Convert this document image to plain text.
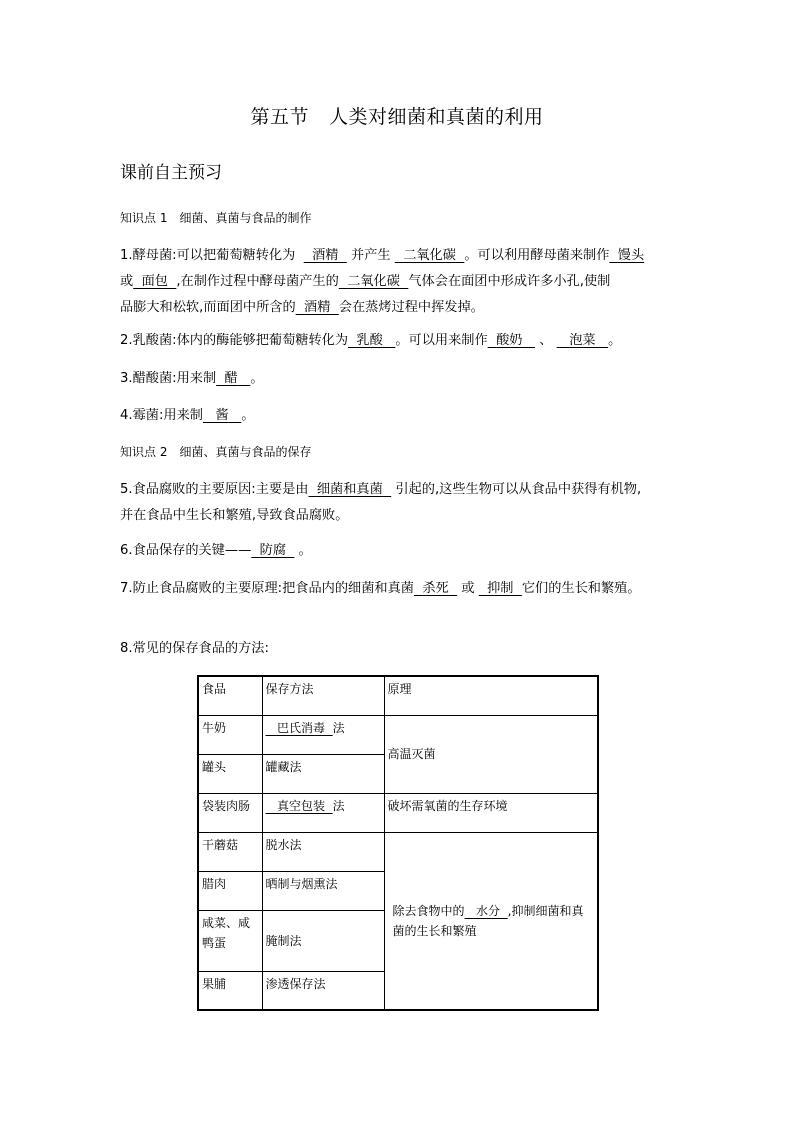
第五节 人类对细菌和真菌的利用
课前自主预习
知识点 1 细菌、真菌与食品的制作
1.酵母菌:可以把葡萄糖转化为 酒精 并产生 二氧化碳 。可以利用酵母菌来制作 馒头
或 面包 ,在制作过程中酵母菌产生的 二氧化碳 气体会在面团中形成许多小孔,使制
品膨大和松软,而面团中所含的 酒精 会在蒸烤过程中挥发掉。
2.乳酸菌:体内的酶能够把葡萄糖转化为 乳酸 。可以用来制作 酸奶 、 泡菜 。
3.醋酸菌:用来制 醋 。
4.霉菌:用来制 酱 。
知识点 2 细菌、真菌与食品的保存
5.食品腐败的主要原因:主要是由 细菌和真菌 引起的,这些生物可以从食品中获得有机物,
并在食品中生长和繁殖,导致食品腐败。
6.食品保存的关键—— 防腐 。
7.防止食品腐败的主要原理:把食品内的细菌和真菌 杀死 或 抑制 它们的生长和繁殖。
8.常见的保存食品的方法:
食品	保存方法	原理
牛奶	巴氏消毒 法	高温灭菌
罐头	罐藏法	
袋装肉肠	真空包装 法	破坏需氧菌的生存环境
干蘑菇	脱水法	除去食物中的 水分 ,抑制细菌和真菌的生长和繁殖
腊肉	晒制与烟熏法	
咸菜、咸鸭蛋	腌制法	
果脯	渗透保存法	
